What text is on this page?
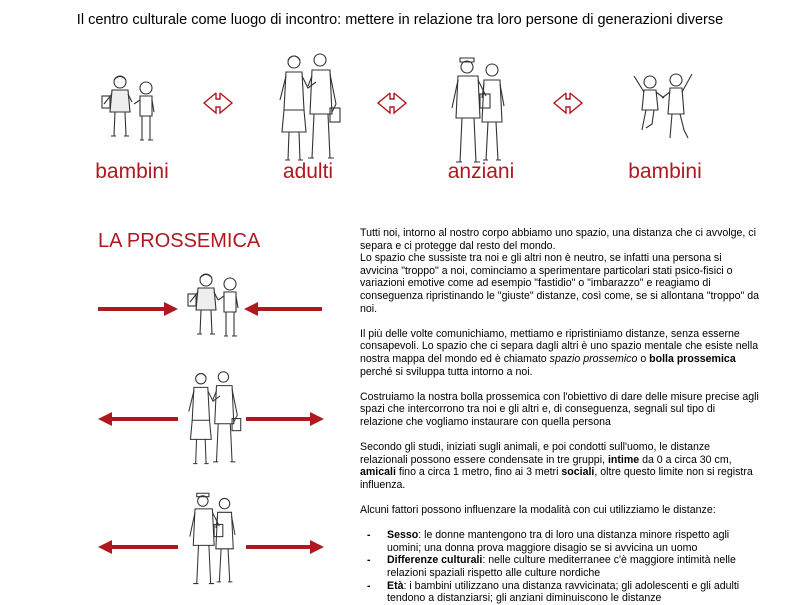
Il centro culturale come luogo di incontro: mettere in relazione tra loro persone di generazioni diverse
bambini	adulti	anziani	bambini
LA PROSSEMICA	Tutti noi, intorno al nostro corpo abbiamo uno spazio, una distanza che ci avvolge, ci separa e ci protegge dal resto del mondo.
Lo spazio che sussiste tra noi e gli altri non è neutro, se infatti una persona si avvicina "troppo" a noi, cominciamo a sperimentare particolari stati psico-fisici o variazioni emotive come ad esempio "fastidio" o "imbarazzo" e reagiamo di conseguenza ripristinando le "giuste" distanze, così come, se si allontana "troppo" da noi.

Il più delle volte comunichiamo, mettiamo e ripristiniamo distanze, senza esserne consapevoli. Lo spazio che ci separa dagli altri è uno spazio mentale che esiste nella nostra mappa del mondo ed è chiamato spazio prossemico o bolla prossemica perché si sviluppa tutta intorno a noi.

Costruiamo la nostra bolla prossemica con l'obiettivo di dare delle misure precise agli spazi che intercorrono tra noi e gli altri e, di conseguenza, segnali sul tipo di relazione che vogliamo instaurare con quella persona

Secondo gli studi, iniziati sugli animali, e poi condotti sull'uomo, le distanze relazionali possono essere condensate in tre gruppi, intime da 0 a circa 30 cm, amicali fino a circa 1 metro, fino ai 3 metri sociali, oltre questo limite non si registra influenza.

Alcuni fattori possono influenzare la modalità con cui utilizziamo le distanze:

- Sesso: le donne mantengono tra di loro una distanza minore rispetto agli uomini; una donna prova maggiore disagio se si avvicina un uomo
- Differenze culturali: nelle culture mediterranee c'è maggiore intimità nelle relazioni spaziali rispetto alle culture nordiche
- Età: i bambini utilizzano una distanza ravvicinata; gli adolescenti e gli adulti tendono a distanziarsi; gli anziani diminuiscono le distanze
